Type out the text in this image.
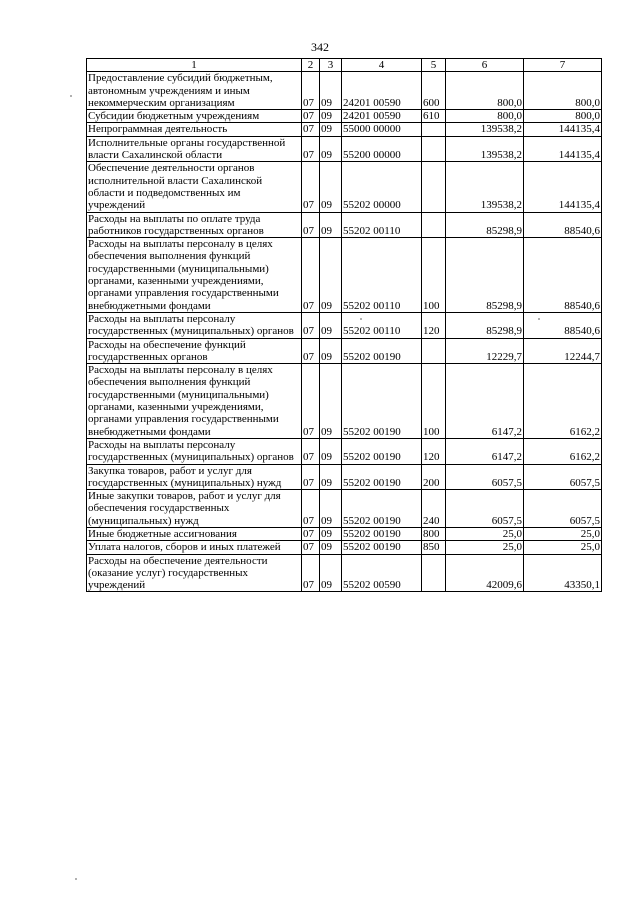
342
1	2	3	4	5	6	7
Предоставление субсидий бюджетным, автономным учреждениям и иным некоммерческим организациям	07	09	24201 00590	600	800,0	800,0
Субсидии бюджетным учреждениям	07	09	24201 00590	610	800,0	800,0
Непрограммная деятельность	07	09	55000 00000		139538,2	144135,4
Исполнительные органы государственной власти Сахалинской области	07	09	55200 00000		139538,2	144135,4
Обеспечение деятельности органов исполнительной власти Сахалинской области и подведомственных им учреждений	07	09	55202 00000		139538,2	144135,4
Расходы на выплаты по оплате труда работников государственных органов	07	09	55202 00110		85298,9	88540,6
Расходы на выплаты персоналу в целях обеспечения выполнения функций государственными (муниципальными) органами, казенными учреждениями, органами управления государственными внебюджетными фондами	07	09	55202 00110	100	85298,9	88540,6
Расходы на выплаты персоналу государственных (муниципальных) органов	07	09	55202 00110	120	85298,9	88540,6
Расходы на обеспечение функций государственных органов	07	09	55202 00190		12229,7	12244,7
Расходы на выплаты персоналу в целях обеспечения выполнения функций государственными (муниципальными) органами, казенными учреждениями, органами управления государственными внебюджетными фондами	07	09	55202 00190	100	6147,2	6162,2
Расходы на выплаты персоналу государственных (муниципальных) органов	07	09	55202 00190	120	6147,2	6162,2
Закупка товаров, работ и услуг для государственных (муниципальных) нужд	07	09	55202 00190	200	6057,5	6057,5
Иные закупки товаров, работ и услуг для обеспечения государственных (муниципальных) нужд	07	09	55202 00190	240	6057,5	6057,5
Иные бюджетные ассигнования	07	09	55202 00190	800	25,0	25,0
Уплата налогов, сборов и иных платежей	07	09	55202 00190	850	25,0	25,0
Расходы на обеспечение деятельности (оказание услуг) государственных учреждений	07	09	55202 00590		42009,6	43350,1
